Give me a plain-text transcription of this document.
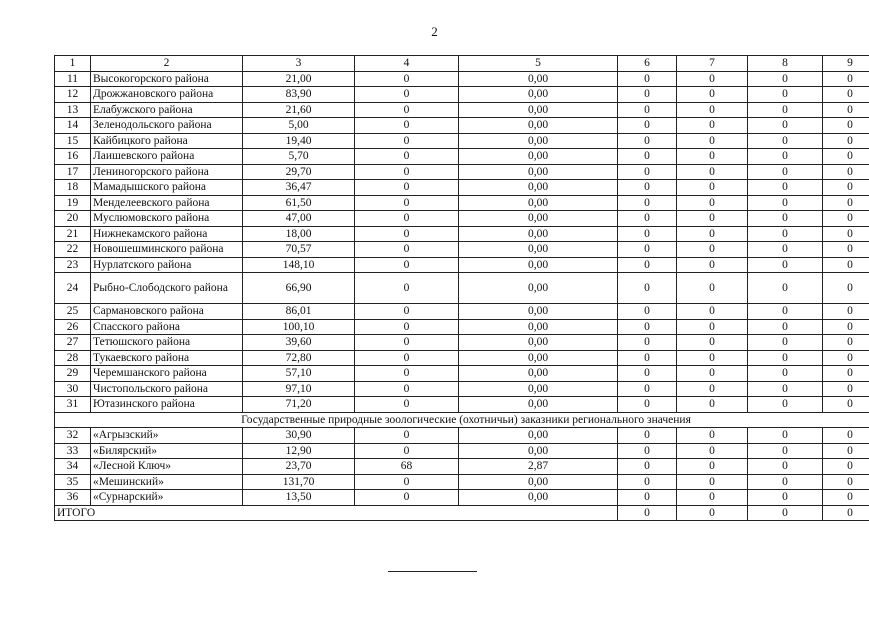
2
1	2	3	4	5	6	7	8	9
11	Высокогорского района	21,00	0	0,00	0	0	0	0
12	Дрожжановского района	83,90	0	0,00	0	0	0	0
13	Елабужского района	21,60	0	0,00	0	0	0	0
14	Зеленодольского района	5,00	0	0,00	0	0	0	0
15	Кайбицкого района	19,40	0	0,00	0	0	0	0
16	Лаишевского района	5,70	0	0,00	0	0	0	0
17	Лениногорского района	29,70	0	0,00	0	0	0	0
18	Мамадышского района	36,47	0	0,00	0	0	0	0
19	Менделеевского района	61,50	0	0,00	0	0	0	0
20	Муслюмовского района	47,00	0	0,00	0	0	0	0
21	Нижнекамского района	18,00	0	0,00	0	0	0	0
22	Новошешминского района	70,57	0	0,00	0	0	0	0
23	Нурлатского района	148,10	0	0,00	0	0	0	0
24	Рыбно-Слободского района	66,90	0	0,00	0	0	0	0
25	Сармановского района	86,01	0	0,00	0	0	0	0
26	Спасского района	100,10	0	0,00	0	0	0	0
27	Тетюшского района	39,60	0	0,00	0	0	0	0
28	Тукаевского района	72,80	0	0,00	0	0	0	0
29	Черемшанского района	57,10	0	0,00	0	0	0	0
30	Чистопольского района	97,10	0	0,00	0	0	0	0
31	Ютазинского района	71,20	0	0,00	0	0	0	0
Государственные природные зоологические (охотничьи) заказники регионального значения								
32	«Агрызский»	30,90	0	0,00	0	0	0	0
33	«Билярский»	12,90	0	0,00	0	0	0	0
34	«Лесной Ключ»	23,70	68	2,87	0	0	0	0
35	«Мешинский»	131,70	0	0,00	0	0	0	0
36	«Сурнарский»	13,50	0	0,00	0	0	0	0
ИТОГО					0	0	0	0
